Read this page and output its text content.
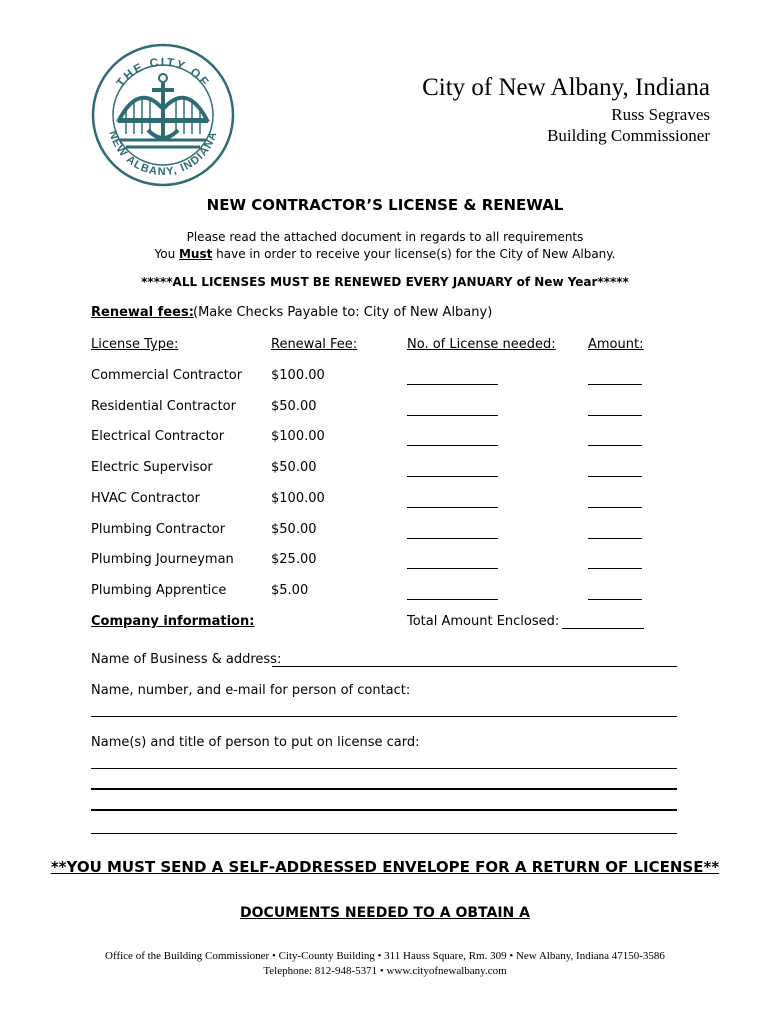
THE CITY OF
NEW ALBANY, INDIANA
City of New Albany, Indiana
Russ Segraves
Building Commissioner
NEW CONTRACTOR’S LICENSE & RENEWAL
Please read the attached document in regards to all requirements
You Must have in order to receive your license(s) for the City of New Albany.
*****ALL LICENSES MUST BE RENEWED EVERY JANUARY of New Year*****
Renewal fees: (Make Checks Payable to: City of New Albany)
License Type:	Renewal Fee:	No. of License needed: Amount:
Commercial Contractor $100.00
Residential Contractor	$50.00
Electrical Contractor	$100.00
Electric Supervisor	$50.00
HVAC Contractor	$100.00
Plumbing Contractor	$50.00
Plumbing Journeyman	$25.00
Plumbing Apprentice	$5.00
Company information:	Total Amount Enclosed:
Name of Business & address:
Name, number, and e-mail for person of contact:
Name(s) and title of person to put on license card:
**YOU MUST SEND A SELF-ADDRESSED ENVELOPE FOR A RETURN OF LICENSE**
DOCUMENTS NEEDED TO A OBTAIN A
Office of the Building Commissioner • City-County Building • 311 Hauss Square, Rm. 309 • New Albany, Indiana 47150-3586
Telephone: 812-948-5371 • www.cityofnewalbany.com
